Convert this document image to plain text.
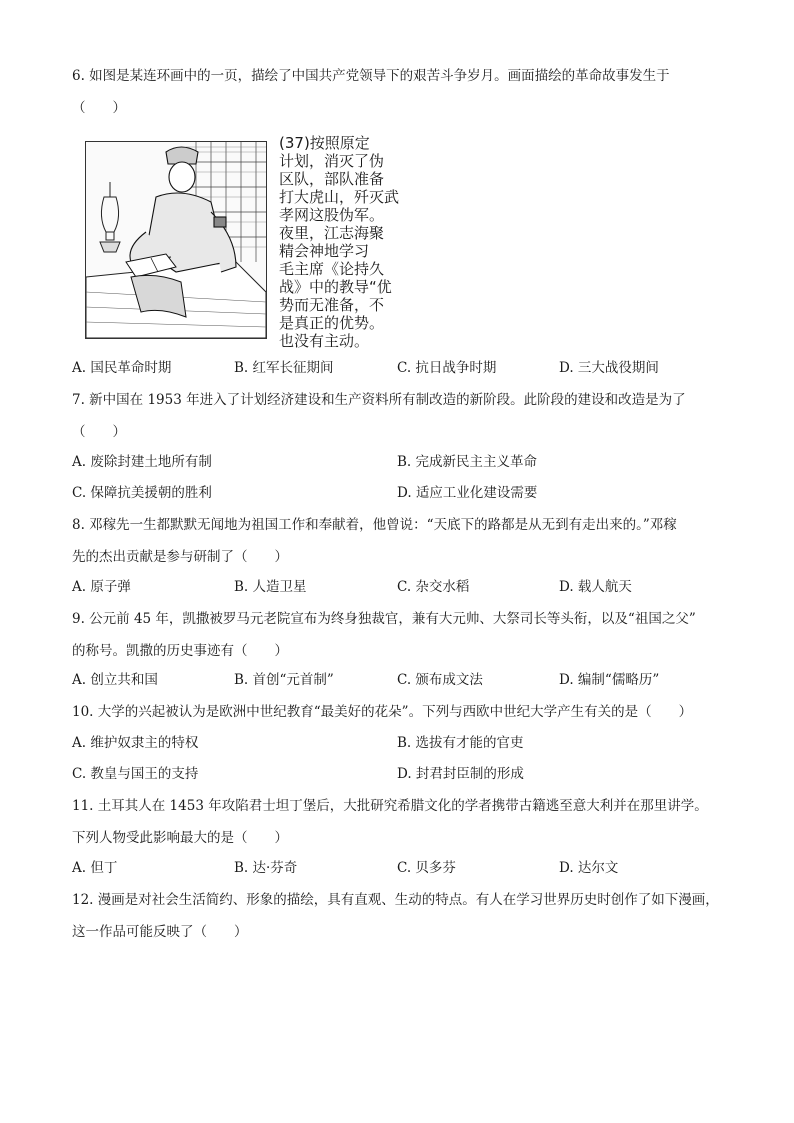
6. 如图是某连环画中的一页，描绘了中国共产党领导下的艰苦斗争岁月。画面描绘的革命故事发生于
（　　）
(37)按照原定
计划，消灭了伪
区队，部队准备
打大虎山，歼灭武
孝网这股伪军。
夜里，江志海聚
精会神地学习
毛主席《论持久
战》中的教导“优
势而无准备，不
是真正的优势。
也没有主动。
A. 国民革命时期	B. 红军长征期间	C. 抗日战争时期	D. 三大战役期间
7. 新中国在 1953 年进入了计划经济建设和生产资料所有制改造的新阶段。此阶段的建设和改造是为了
（　　）
A. 废除封建土地所有制	B. 完成新民主主义革命
C. 保障抗美援朝的胜利	D. 适应工业化建设需要
8. 邓稼先一生都默默无闻地为祖国工作和奉献着，他曾说：“天底下的路都是从无到有走出来的。”邓稼
先的杰出贡献是参与研制了（　　）
A. 原子弹	B. 人造卫星	C. 杂交水稻	D. 载人航天
9. 公元前 45 年，凯撒被罗马元老院宣布为终身独裁官，兼有大元帅、大祭司长等头衔，以及“祖国之父”
的称号。凯撒的历史事迹有（　　）
A. 创立共和国	B. 首创“元首制”	C. 颁布成文法	D. 编制“儒略历”
10. 大学的兴起被认为是欧洲中世纪教育“最美好的花朵”。下列与西欧中世纪大学产生有关的是（　　）
A. 维护奴隶主的特权	B. 选拔有才能的官吏
C. 教皇与国王的支持	D. 封君封臣制的形成
11. 土耳其人在 1453 年攻陷君士坦丁堡后，大批研究希腊文化的学者携带古籍逃至意大利并在那里讲学。
下列人物受此影响最大的是（　　）
A. 但丁	B. 达·芬奇	C. 贝多芬	D. 达尔文
12. 漫画是对社会生活简约、形象的描绘，具有直观、生动的特点。有人在学习世界历史时创作了如下漫画，
这一作品可能反映了（　　）
